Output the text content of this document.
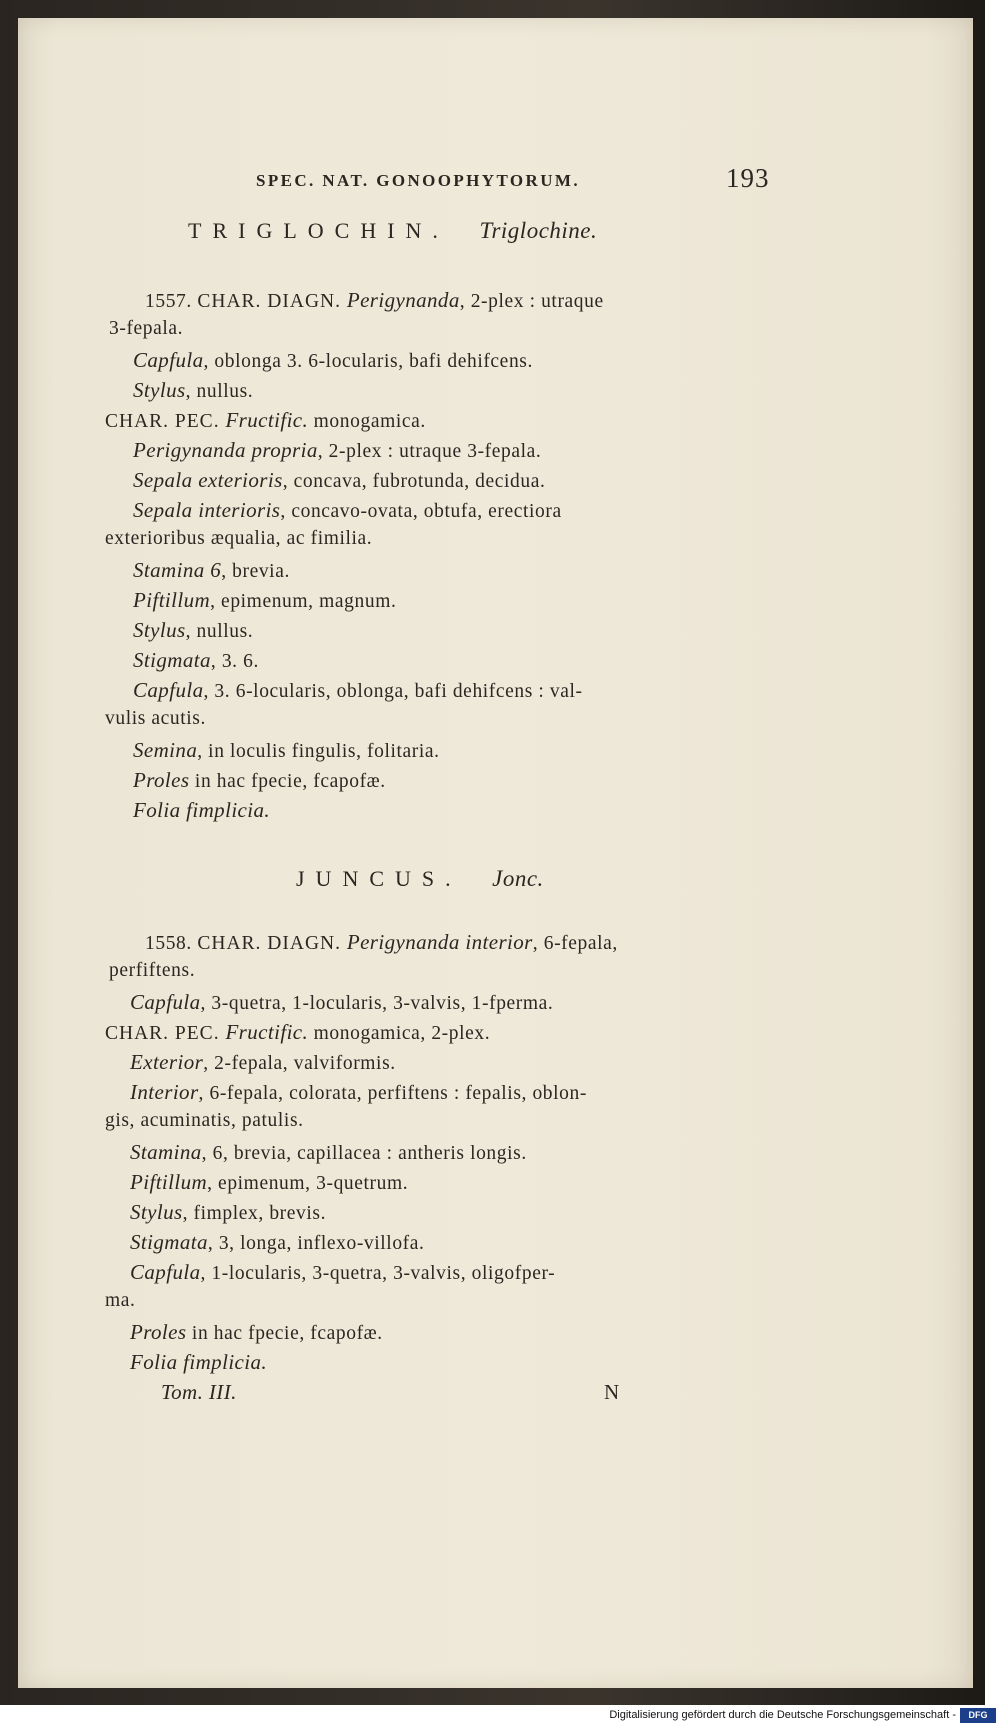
SPEC. NAT. GONOOPHYTORUM.	193
TRIGLOCHIN. Triglochine.
1557. CHAR. DIAGN. Perigynanda, 2-plex : utraque
3-fepala.
Capfula, oblonga 3. 6-locularis, bafi dehifcens.
Stylus, nullus.
CHAR. PEC. Fructific. monogamica.
Perigynanda propria, 2-plex : utraque 3-fepala.
Sepala exterioris, concava, fubrotunda, decidua.
Sepala interioris, concavo-ovata, obtufa, erectiora
exterioribus æqualia, ac fimilia.
Stamina 6, brevia.
Piftillum, epimenum, magnum.
Stylus, nullus.
Stigmata, 3. 6.
Capfula, 3. 6-locularis, oblonga, bafi dehifcens : val-
vulis acutis.
Semina, in loculis fingulis, folitaria.
Proles in hac fpecie, fcapofæ.
Folia fimplicia.
JUNCUS. Jonc.
1558. CHAR. DIAGN. Perigynanda interior, 6-fepala,
perfiftens.
Capfula, 3-quetra, 1-locularis, 3-valvis, 1-fperma.
CHAR. PEC. Fructific. monogamica, 2-plex.
Exterior, 2-fepala, valviformis.
Interior, 6-fepala, colorata, perfiftens : fepalis, oblon-
gis, acuminatis, patulis.
Stamina, 6, brevia, capillacea : antheris longis.
Piftillum, epimenum, 3-quetrum.
Stylus, fimplex, brevis.
Stigmata, 3, longa, inflexo-villofa.
Capfula, 1-locularis, 3-quetra, 3-valvis, oligofper-
ma.
Proles in hac fpecie, fcapofæ.
Folia fimplicia.
Tom. III.	N
Digitalisierung gefördert durch die Deutsche Forschungsgemeinschaft -	DFG
